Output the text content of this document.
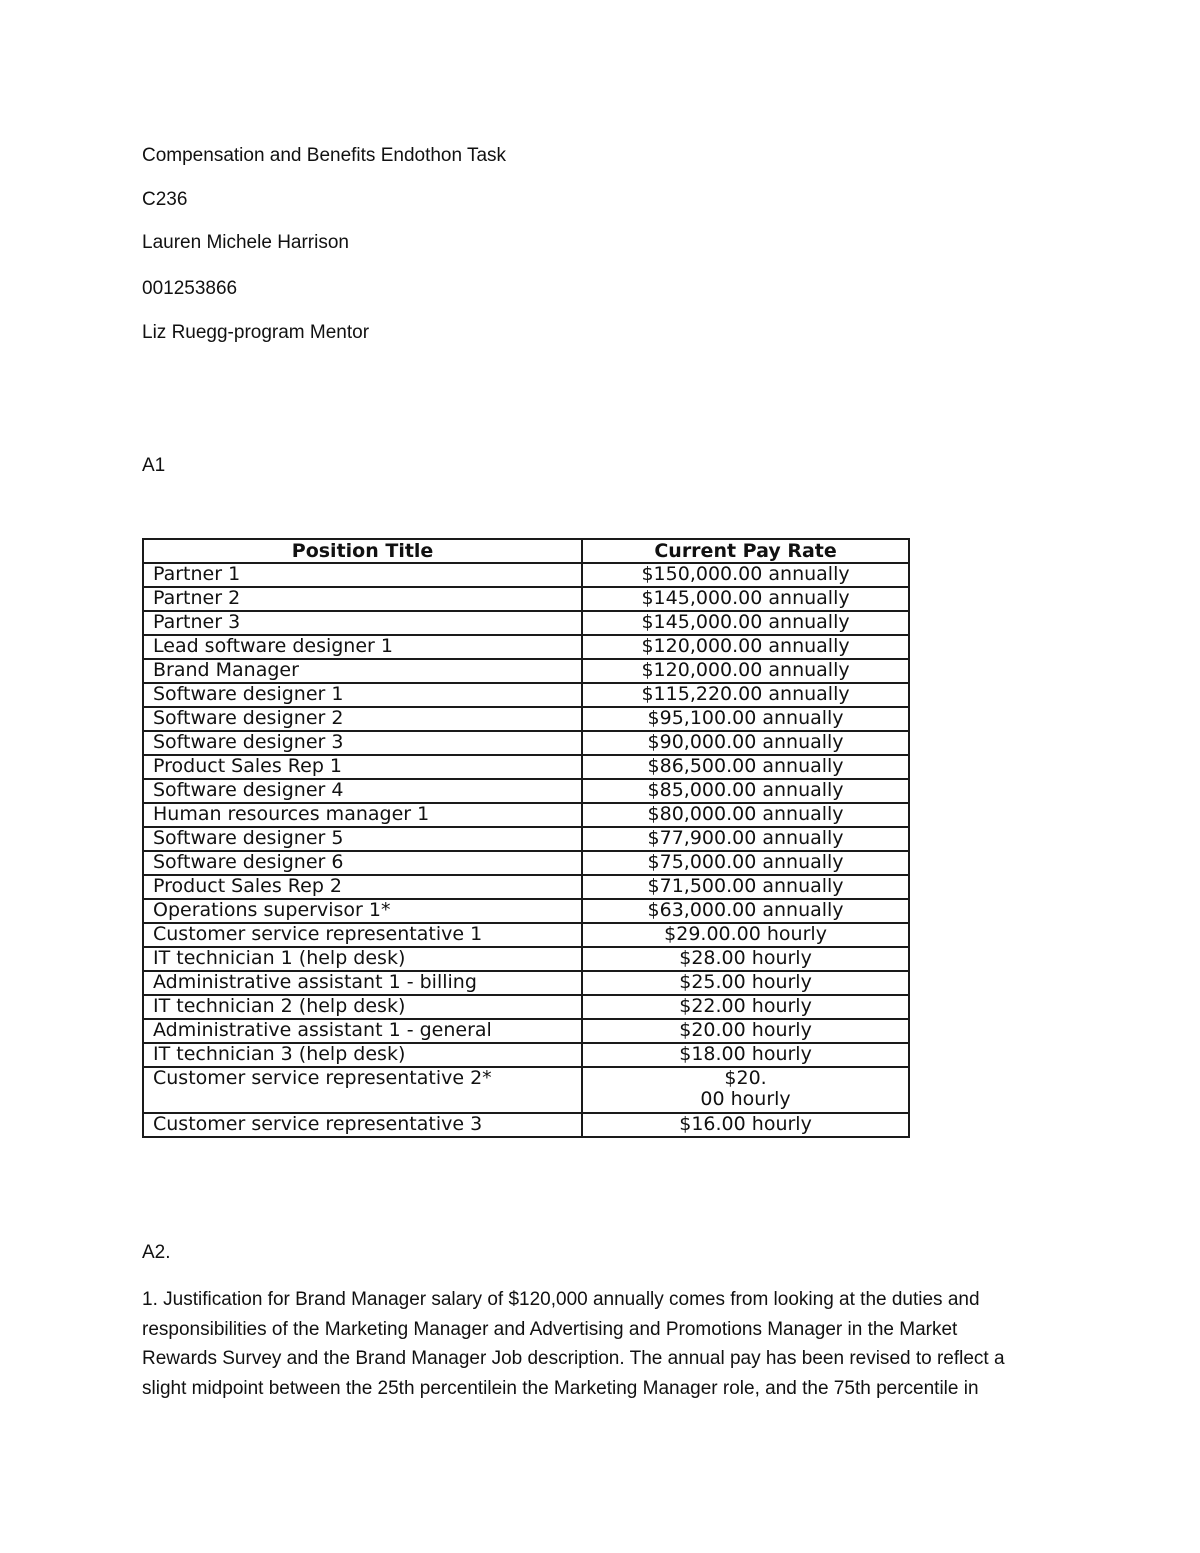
Compensation and Benefits Endothon Task
C236
Lauren Michele Harrison
001253866
Liz Ruegg-program Mentor
A1
Position Title	Current Pay Rate
Partner 1	$150,000.00 annually
Partner 2	$145,000.00 annually
Partner 3	$145,000.00 annually
Lead software designer 1	$120,000.00 annually
Brand Manager	$120,000.00 annually
Software designer 1	$115,220.00 annually
Software designer 2	$95,100.00 annually
Software designer 3	$90,000.00 annually
Product Sales Rep 1	$86,500.00 annually
Software designer 4	$85,000.00 annually
Human resources manager 1	$80,000.00 annually
Software designer 5	$77,900.00 annually
Software designer 6	$75,000.00 annually
Product Sales Rep 2	$71,500.00 annually
Operations supervisor 1*	$63,000.00 annually
Customer service representative 1	$29.00.00 hourly
IT technician 1 (help desk)	$28.00 hourly
Administrative assistant 1 - billing	$25.00 hourly
IT technician 2 (help desk)	$22.00 hourly
Administrative assistant 1 - general	$20.00 hourly
IT technician 3 (help desk)	$18.00 hourly
Customer service representative 2*	$20.
00 hourly

Customer service representative 3	$16.00 hourly
A2.
1. Justification for Brand Manager salary of $120,000 annually comes from looking at the duties and
responsibilities of the Marketing Manager and Advertising and Promotions Manager in the Market
Rewards Survey and the Brand Manager Job description. The annual pay has been revised to reflect a
slight midpoint between the 25th percentilein the Marketing Manager role, and the 75th percentile in
